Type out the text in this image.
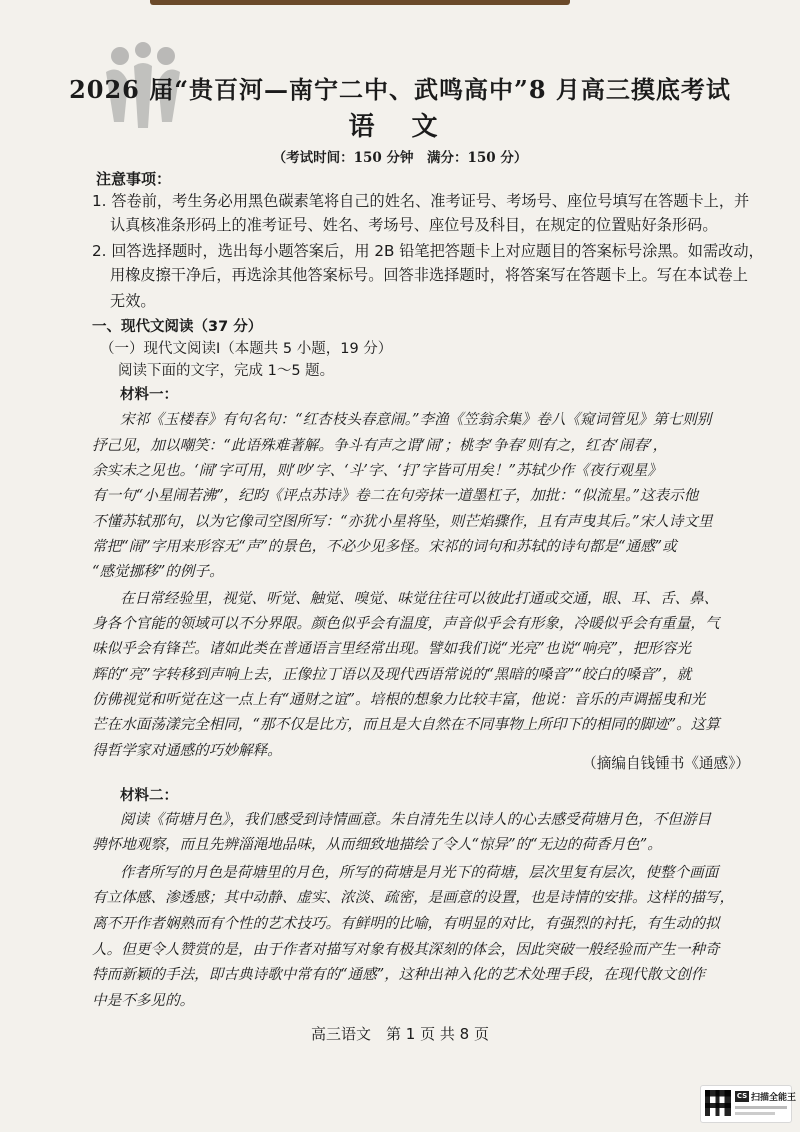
2026 届“贵百河—南宁二中、武鸣高中”8 月高三摸底考试
语 文
（考试时间：150 分钟　满分：150 分）
注意事项：
1. 答卷前，考生务必用黑色碳素笔将自己的姓名、准考证号、考场号、座位号填写在答题卡上，并
认真核准条形码上的准考证号、姓名、考场号、座位号及科目，在规定的位置贴好条形码。
2. 回答选择题时，选出每小题答案后，用 2B 铅笔把答题卡上对应题目的答案标号涂黑。如需改动，
用橡皮擦干净后，再选涂其他答案标号。回答非选择题时，将答案写在答题卡上。写在本试卷上
无效。
一、现代文阅读（37 分）
（一）现代文阅读Ⅰ（本题共 5 小题，19 分）
阅读下面的文字，完成 1～5 题。
材料一：
宋祁《玉楼春》有句名句：“红杏枝头春意闹。”李渔《笠翁余集》卷八《窥词管见》第七则别
抒己见，加以嘲笑：“此语殊难著解。争斗有声之谓‘闹’；桃李‘争春’则有之，红杏‘闹春’，
余实未之见也。‘闹’字可用，则‘吵’字、‘斗’字、‘打’字皆可用矣！”苏轼少作《夜行观星》
有一句“小星闹若沸”，纪昀《评点苏诗》卷二在句旁抹一道墨杠子，加批：“似流星。”这表示他
不懂苏轼那句，以为它像司空图所写：“亦犹小星将坠，则芒焰骤作，且有声曳其后。”宋人诗文里
常把“闹”字用来形容无“声”的景色，不必少见多怪。宋祁的词句和苏轼的诗句都是“通感”或
“感觉挪移”的例子。
在日常经验里，视觉、听觉、触觉、嗅觉、味觉往往可以彼此打通或交通，眼、耳、舌、鼻、
身各个官能的领域可以不分界限。颜色似乎会有温度，声音似乎会有形象，冷暖似乎会有重量，气
味似乎会有锋芒。诸如此类在普通语言里经常出现。譬如我们说“光亮”也说“响亮”，把形容光
辉的“亮”字转移到声响上去，正像拉丁语以及现代西语常说的“黑暗的嗓音”“皎白的嗓音”，就
仿佛视觉和听觉在这一点上有“通财之谊”。培根的想象力比较丰富，他说：音乐的声调摇曳和光
芒在水面荡漾完全相同，“那不仅是比方，而且是大自然在不同事物上所印下的相同的脚迹”。这算
得哲学家对通感的巧妙解释。
（摘编自钱锺书《通感》）
材料二：
阅读《荷塘月色》，我们感受到诗情画意。朱自清先生以诗人的心去感受荷塘月色，不但游目
骋怀地观察，而且先辨淄渑地品味，从而细致地描绘了令人“惊异”的“无边的荷香月色”。
作者所写的月色是荷塘里的月色，所写的荷塘是月光下的荷塘，层次里复有层次，使整个画面
有立体感、渗透感；其中动静、虚实、浓淡、疏密，是画意的设置，也是诗情的安排。这样的描写，
离不开作者娴熟而有个性的艺术技巧。有鲜明的比喻，有明显的对比，有强烈的衬托，有生动的拟
人。但更令人赞赏的是，由于作者对描写对象有极其深刻的体会，因此突破一般经验而产生一种奇
特而新颖的手法，即古典诗歌中常有的“通感”，这种出神入化的艺术处理手段，在现代散文创作
中是不多见的。
高三语文　第 1 页 共 8 页
CS 扫描全能王
